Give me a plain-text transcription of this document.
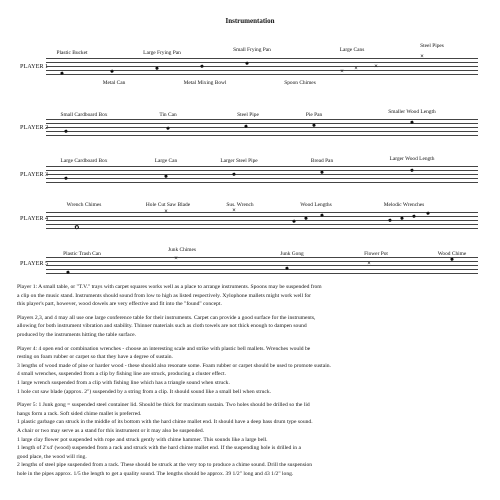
Instrumentation
PLAYER 1
Plastic Bucket	Large Frying Pan	Small Frying Pan	Large Cans
Steel Pipes
× ×	×
×
Metal Can	Metal Mixing Bowl	Spoon Chimes
PLAYER 2
Small Cardboard Box	Tin Can	Steel Pipe	Pie Pan	Smaller Wood Length
PLAYER 3
Large Cardboard Box	Large Can	Larger Steel Pipe	Bread Pan	Larger Wood Length
PLAYER 4
Wrench Chimes	Hole Cut Saw Blade	Sus. Wrench	Wood Lengths	Melodic Wrenches
×	×
PLAYER 5
Plastic Trash Can
Junk Chimes
Junk Gong	Flower Pot	Wood Chime
×
×
Player 1: A small table, or "T.V." trays with carpet squares works well as a place to arrange instruments. Spoons may be suspended from
a clip on the music stand. Instruments should sound from low to high as listed respectively. Xylophone mallets might work well for
this player's part, however, wood dowels are very effective and fit into the "found" concept.
Players 2,3, and 4 may all use one large conference table for their instruments. Carpet can provide a good surface for the instruments,
allowing for both instrument vibration and stability. Thinner materials such as cloth towels are not thick enough to dampen sound
produced by the instruments hitting the table surface.
Player 4: 4 open end or combination wrenches - choose an interesting scale and strike with plastic bell mallets. Wrenches would be
resting on foam rubber or carpet so that they have a degree of sustain.
3 lengths of wood made of pine or harder wood - these should also resonate some. Foam rubber or carpet should be used to promote sustain.
4 small wrenches, suspended from a clip by fishing line are struck, producing a cluster effect.
1 large wrench suspended from a clip with fishing line which has a triangle sound when struck.
1 hole cut saw blade (approx. 2") suspended by a string from a clip. It should sound like a small bell when struck.
Player 5: 1 Junk gong = suspended steel container lid. Should be thick for maximum sustain. Two holes should be drilled so the lid
hangs form a rack. Soft sided chime mallet is preferred.
1 plastic garbage can struck in the middle of its bottom with the hard chime mallet end. It should have a deep bass drum type sound.
A chair or two may serve as a stand for this instrument or it may also be suspended.
1 large clay flower pot suspended with rope and struck gently with chime hammer. This sounds like a large bell.
1 length of 2'x4' (wood) suspended from a rack and struck with the hard chime mallet end. If the suspending hole is drilled in a
good place, the wood will ring.
2 lengths of steel pipe suspended from a rack. These should be struck at the very top to produce a chime sound. Drill the suspension
hole in the pipes approx. 1/5 the length to get a quality sound. The lengths should be approx. 39 1/2" long and 43 1/2" long.
